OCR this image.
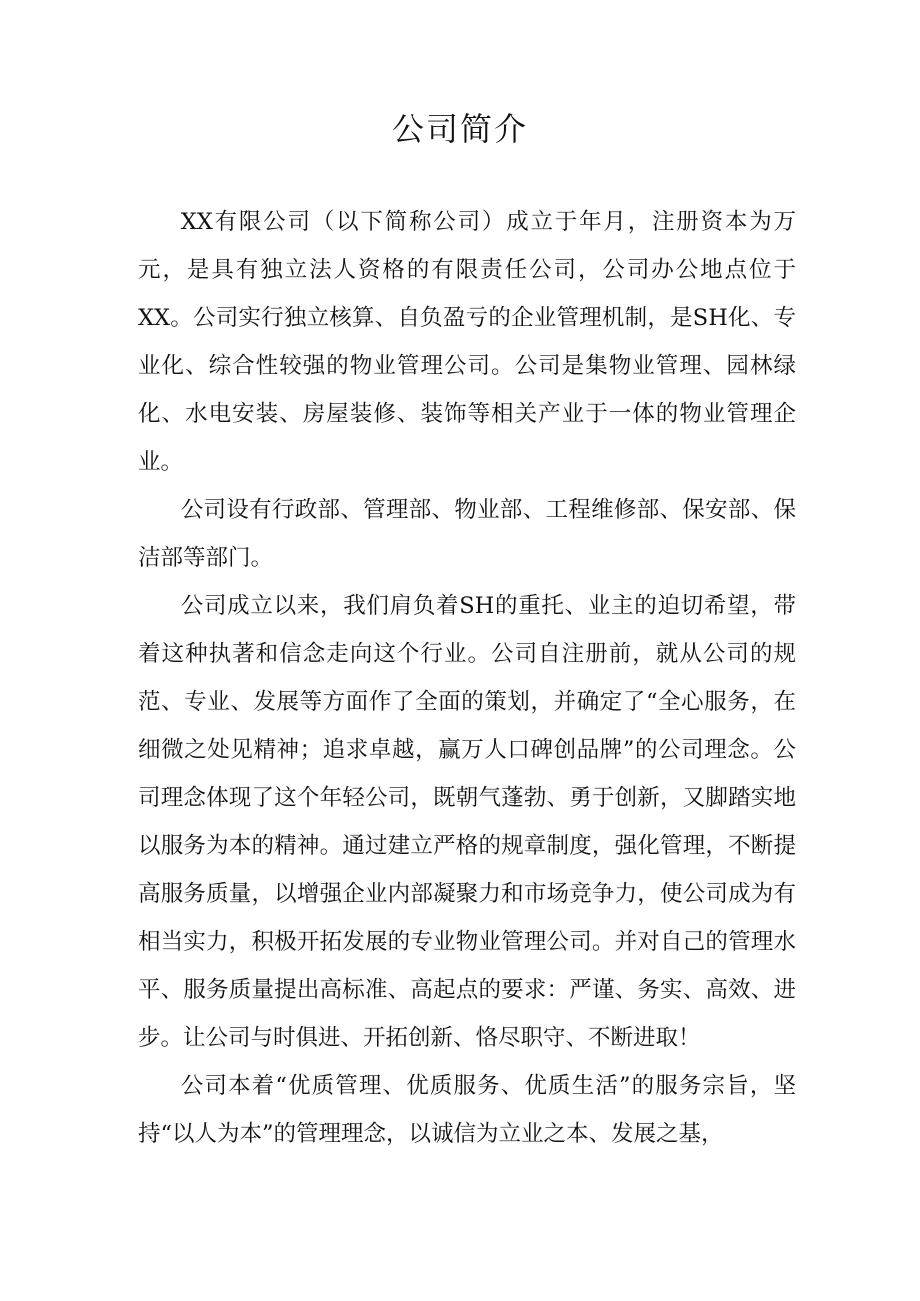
公司简介

XX有限公司（以下简称公司）成立于年月，注册资本为万元，是具有独立法人资格的有限责任公司，公司办公地点位于XX。公司实行独立核算、自负盈亏的企业管理机制，是SH化、专业化、综合性较强的物业管理公司。公司是集物业管理、园林绿化、水电安装、房屋装修、装饰等相关产业于一体的物业管理企业。

公司设有行政部、管理部、物业部、工程维修部、保安部、保洁部等部门。

公司成立以来，我们肩负着SH的重托、业主的迫切希望，带着这种执著和信念走向这个行业。公司自注册前，就从公司的规范、专业、发展等方面作了全面的策划，并确定了“全心服务，在细微之处见精神；追求卓越，赢万人口碑创品牌”的公司理念。公司理念体现了这个年轻公司，既朝气蓬勃、勇于创新，又脚踏实地以服务为本的精神。通过建立严格的规章制度，强化管理，不断提高服务质量，以增强企业内部凝聚力和市场竞争力，使公司成为有相当实力，积极开拓发展的专业物业管理公司。并对自己的管理水平、服务质量提出高标准、高起点的要求：严谨、务实、高效、进步。让公司与时俱进、开拓创新、恪尽职守、不断进取！

公司本着“优质管理、优质服务、优质生活”的服务宗旨，坚持“以人为本”的管理理念，以诚信为立业之本、发展之基，
